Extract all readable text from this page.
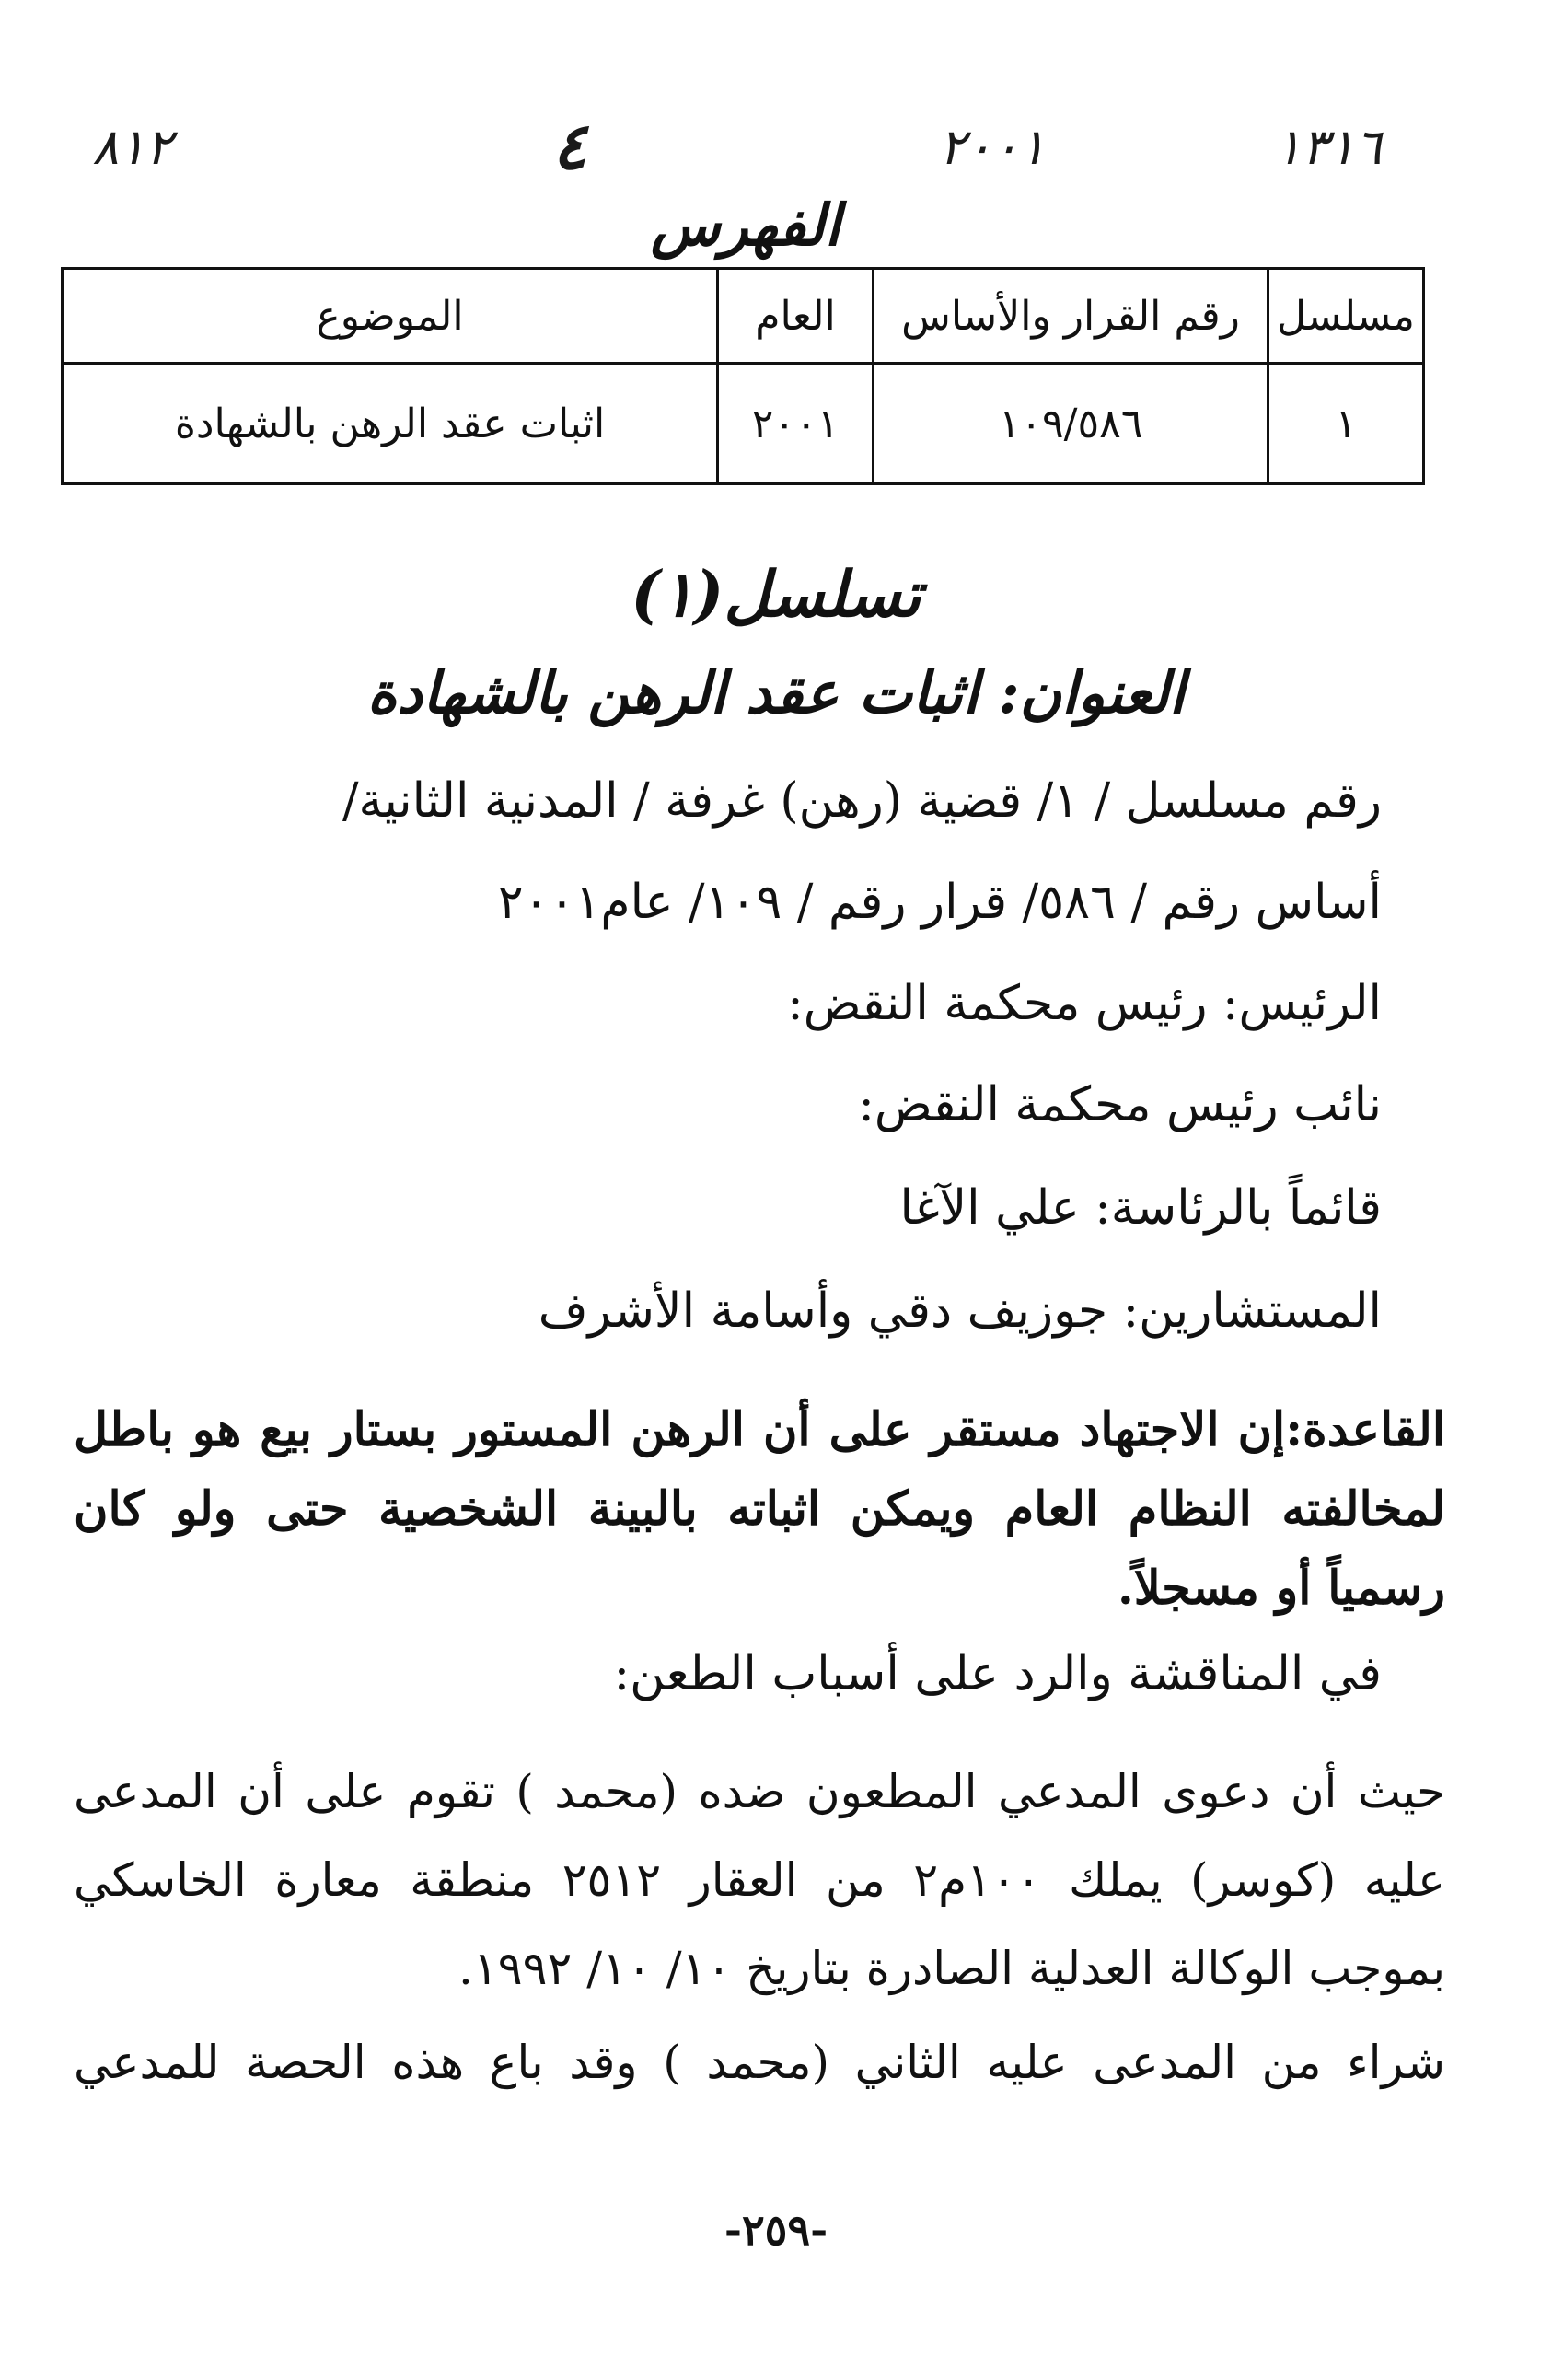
٨١٢	٤	٢٠٠١	١٣١٦
الفهرس
مسلسل	رقم القرار والأساس	العام	الموضوع
١	١٠٩/٥٨٦	٢٠٠١	اثبات عقد الرهن بالشهادة
تسلسل(١)
العنوان: اثبات عقد الرهن بالشهادة
رقم مسلسل / ١/ قضية (رهن) غرفة / المدنية الثانية/
أساس رقم / ٥٨٦/ قرار رقم / ١٠٩/ عام٢٠٠١
الرئيس: رئيس محكمة النقض:
نائب رئيس محكمة النقض:
قائماً بالرئاسة: علي الآغا
المستشارين: جوزيف دقي وأسامة الأشرف
القاعدة:إن الاجتهاد مستقر على أن الرهن المستور بستار بيع هو باطل لمخالفته النظام العام ويمكن اثباته بالبينة الشخصية حتى ولو كان رسمياً أو مسجلاً.
في المناقشة والرد على أسباب الطعن:
حيث أن دعوى المدعي المطعون ضده (محمد ) تقوم على أن المدعى عليه (كوسر) يملك ١٠٠م٢ من العقار ٢٥١٢ منطقة معارة الخاسكي بموجب الوكالة العدلية الصادرة بتاريخ ١٠/ ١٠/ ١٩٩٢.
شراء من المدعى عليه الثاني (محمد ) وقد باع هذه الحصة للمدعي
-٢٥٩-
